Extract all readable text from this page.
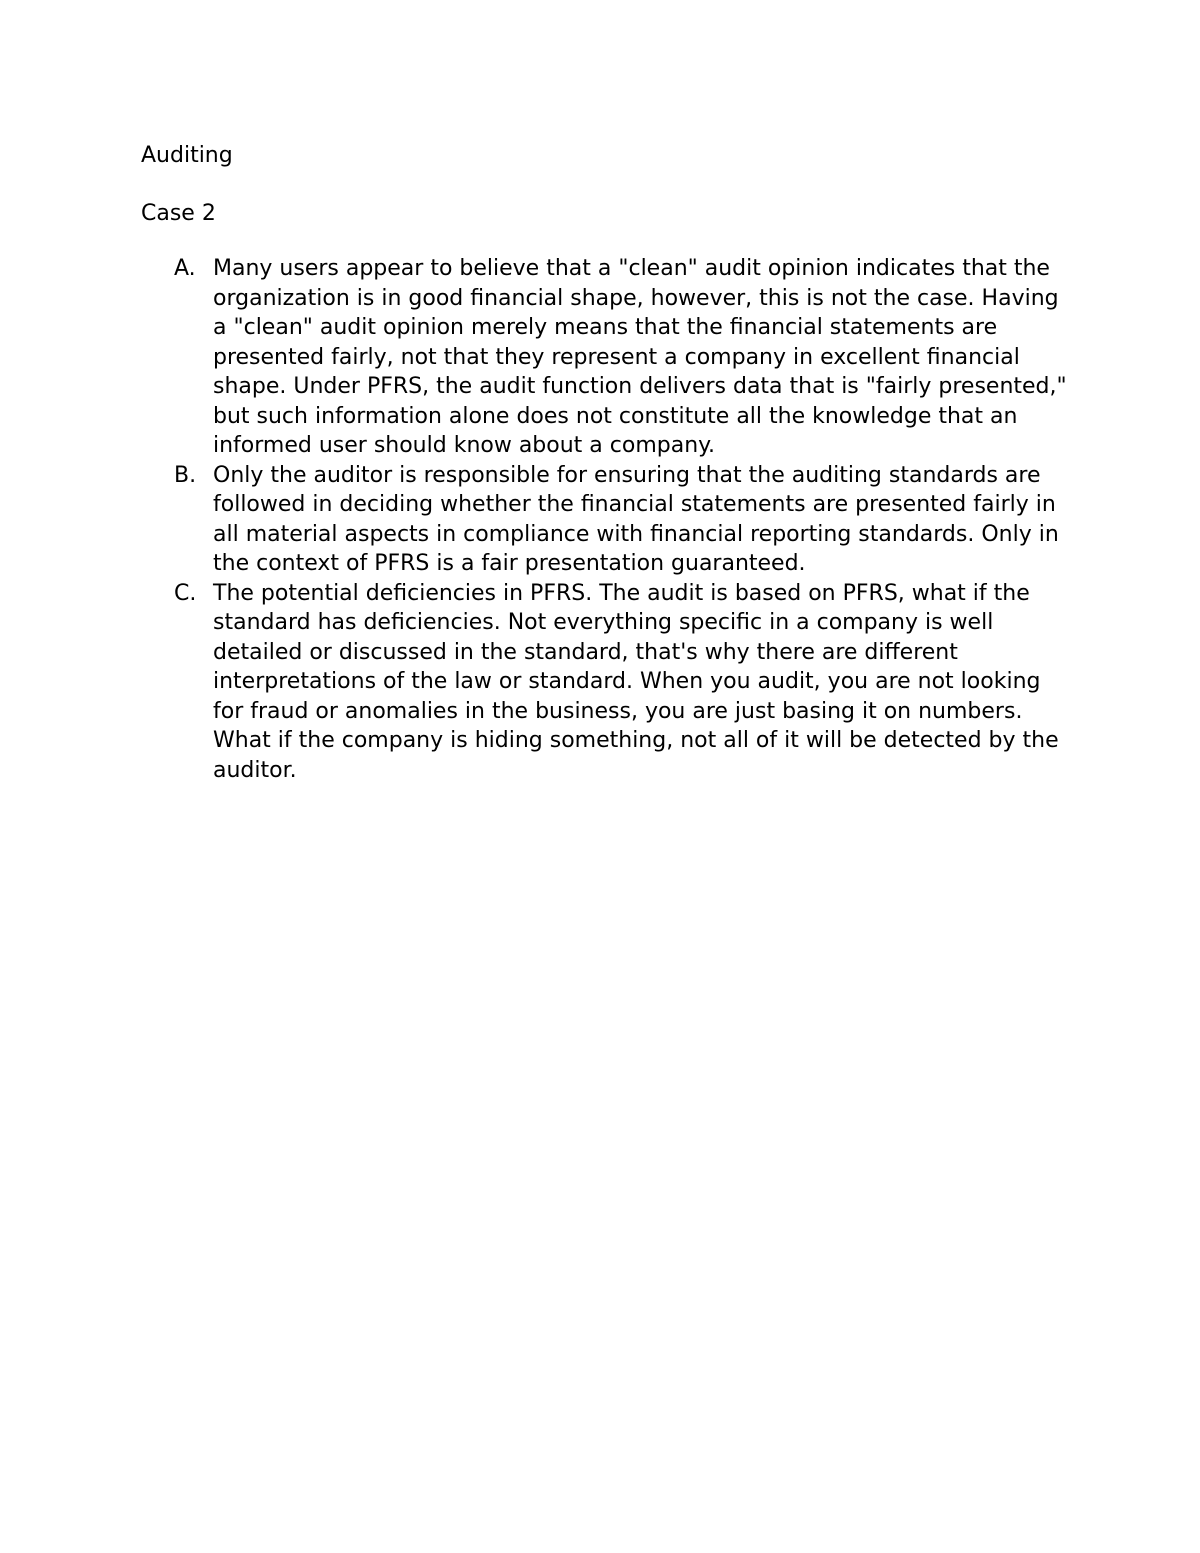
Auditing
Case 2
A. Many users appear to believe that a "clean" audit opinion indicates that the organization is in good financial shape, however, this is not the case. Having a "clean" audit opinion merely means that the financial statements are presented fairly, not that they represent a company in excellent financial shape. Under PFRS, the audit function delivers data that is "fairly presented," but such information alone does not constitute all the knowledge that an informed user should know about a company.
B. Only the auditor is responsible for ensuring that the auditing standards are followed in deciding whether the financial statements are presented fairly in all material aspects in compliance with financial reporting standards. Only in the context of PFRS is a fair presentation guaranteed.
C. The potential deficiencies in PFRS. The audit is based on PFRS, what if the standard has deficiencies. Not everything specific in a company is well detailed or discussed in the standard, that's why there are different interpretations of the law or standard. When you audit, you are not looking for fraud or anomalies in the business, you are just basing it on numbers. What if the company is hiding something, not all of it will be detected by the auditor.
